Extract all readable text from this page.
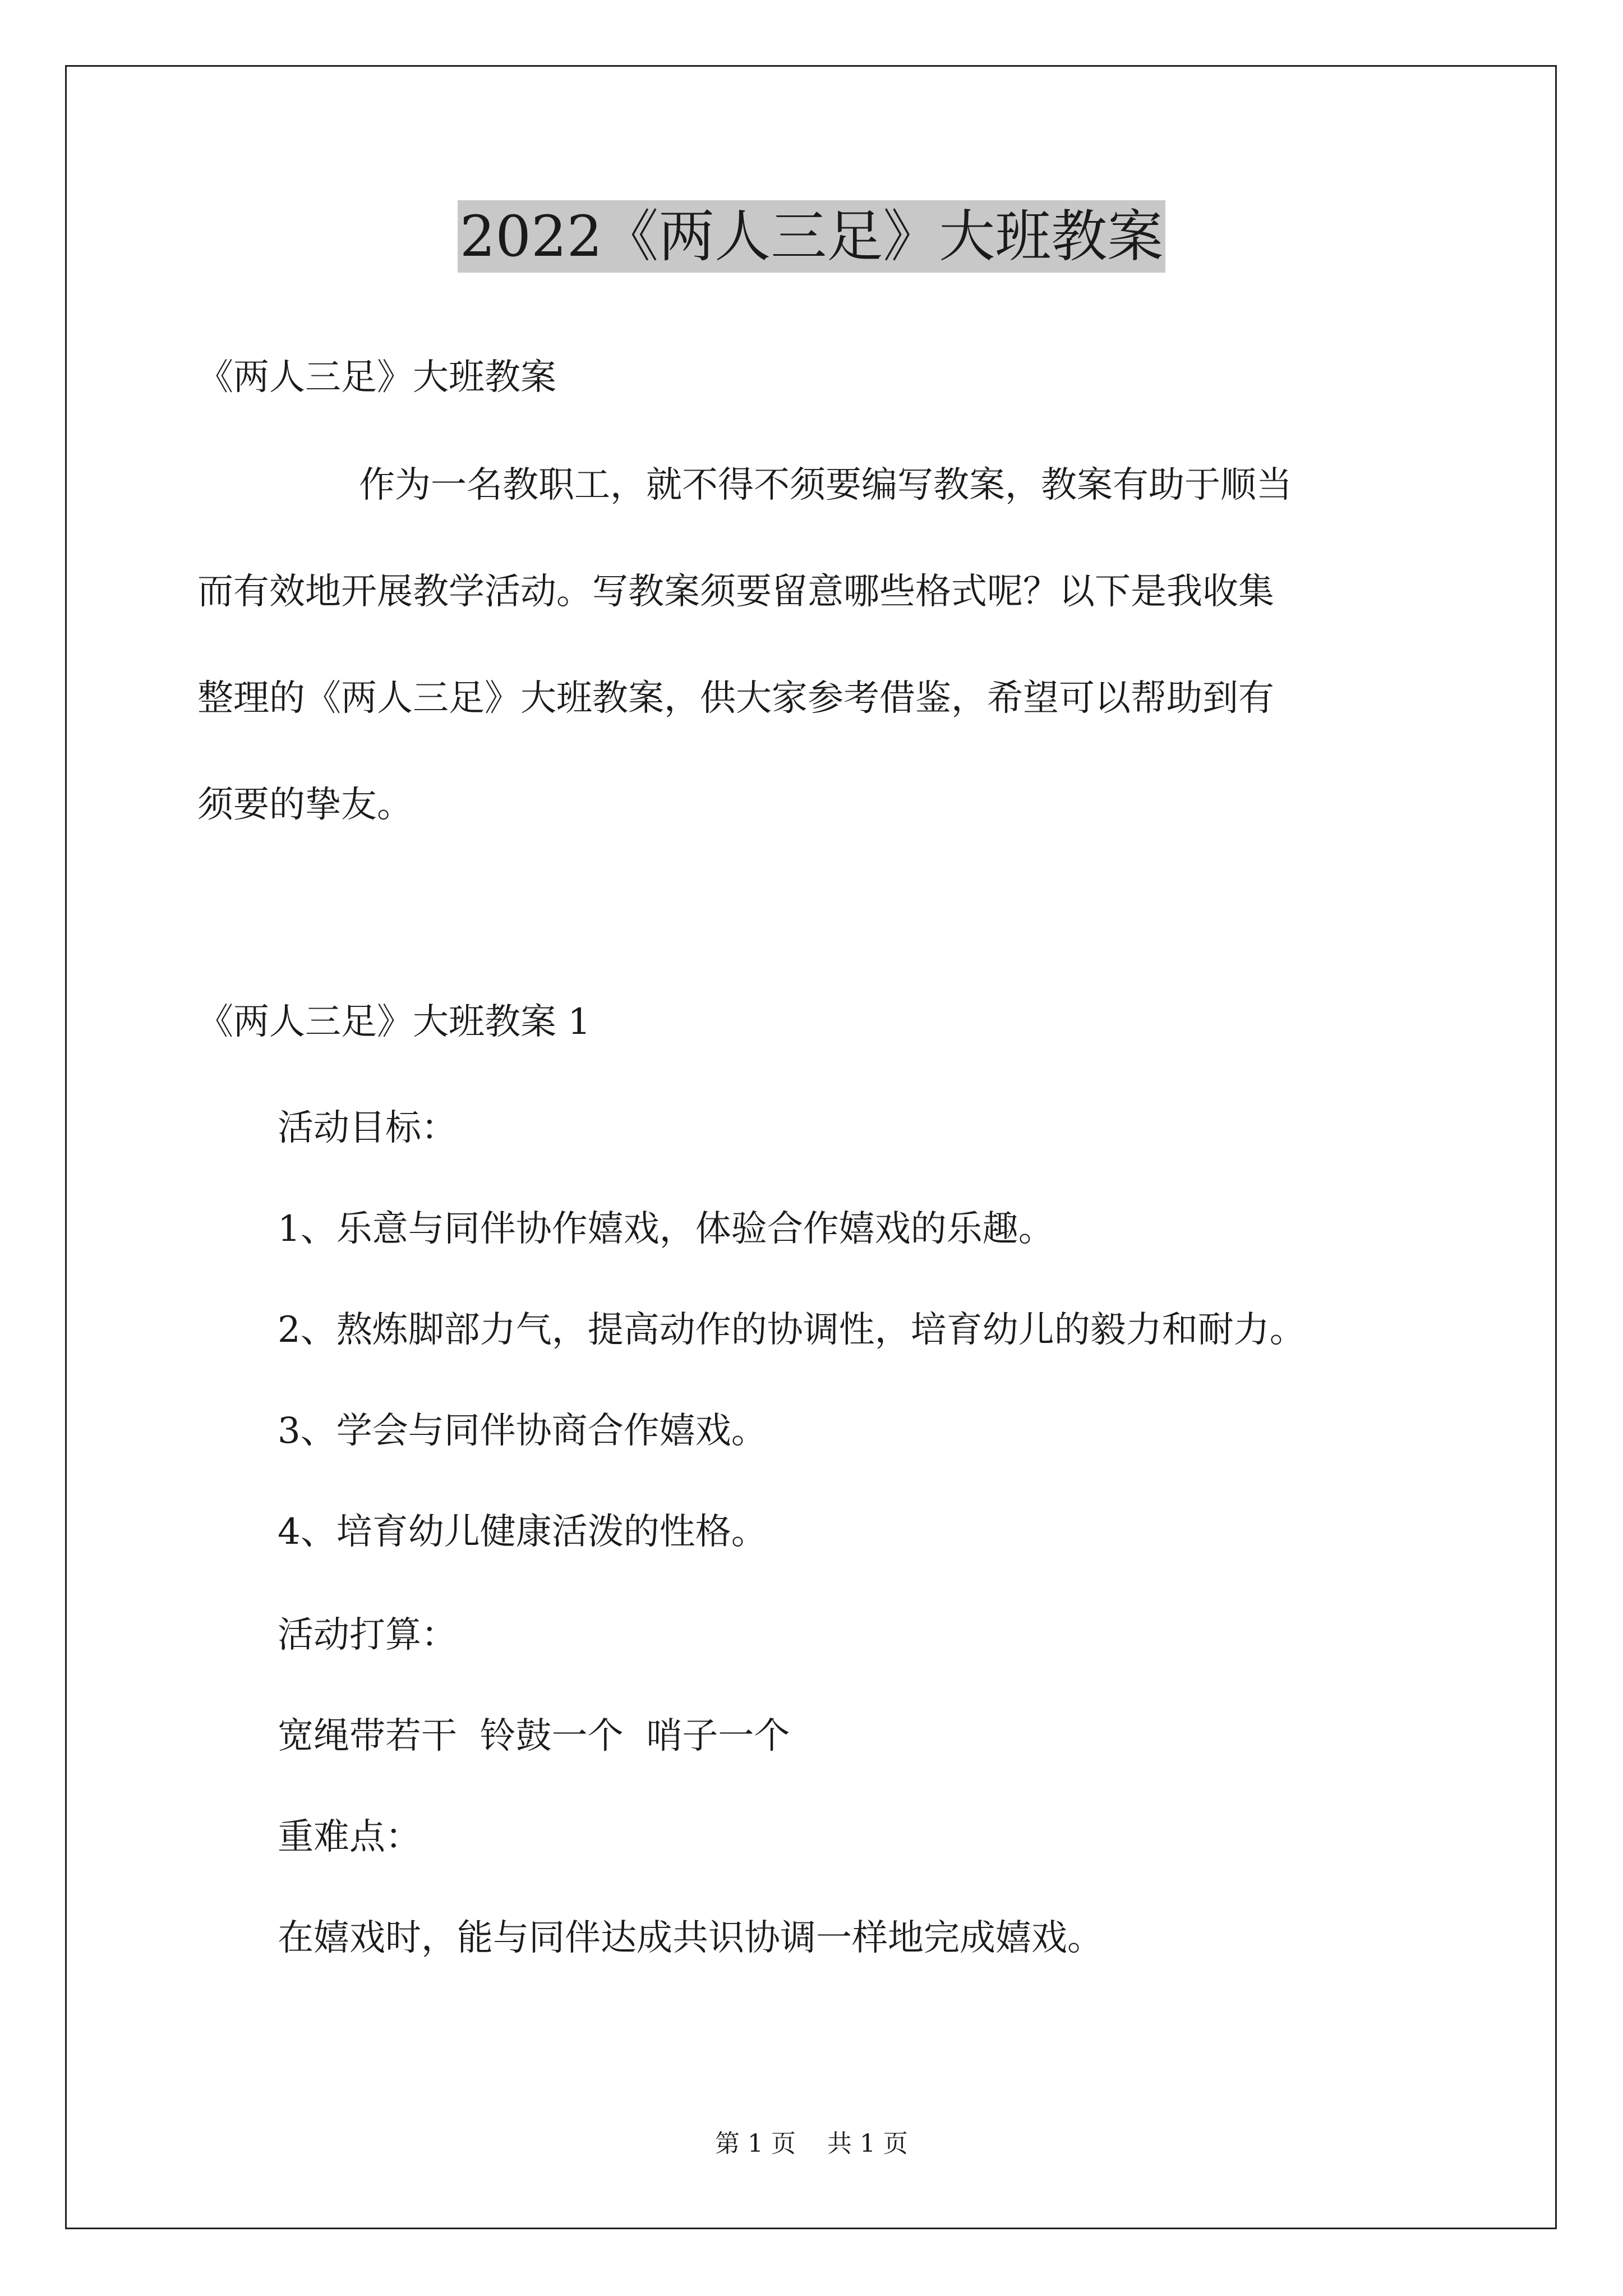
2022《两人三足》大班教案
《两人三足》大班教案
作为一名教职工，就不得不须要编写教案，教案有助于顺当
而有效地开展教学活动。写教案须要留意哪些格式呢？以下是我收集
整理的《两人三足》大班教案，供大家参考借鉴，希望可以帮助到有
须要的挚友。
《两人三足》大班教案 1
活动目标：
1、乐意与同伴协作嬉戏，体验合作嬉戏的乐趣。
2、熬炼脚部力气，提高动作的协调性，培育幼儿的毅力和耐力。
3、学会与同伴协商合作嬉戏。
4、培育幼儿健康活泼的性格。
活动打算：
宽绳带若干  铃鼓一个  哨子一个
重难点：
在嬉戏时，能与同伴达成共识协调一样地完成嬉戏。
第 1 页    共 1 页
